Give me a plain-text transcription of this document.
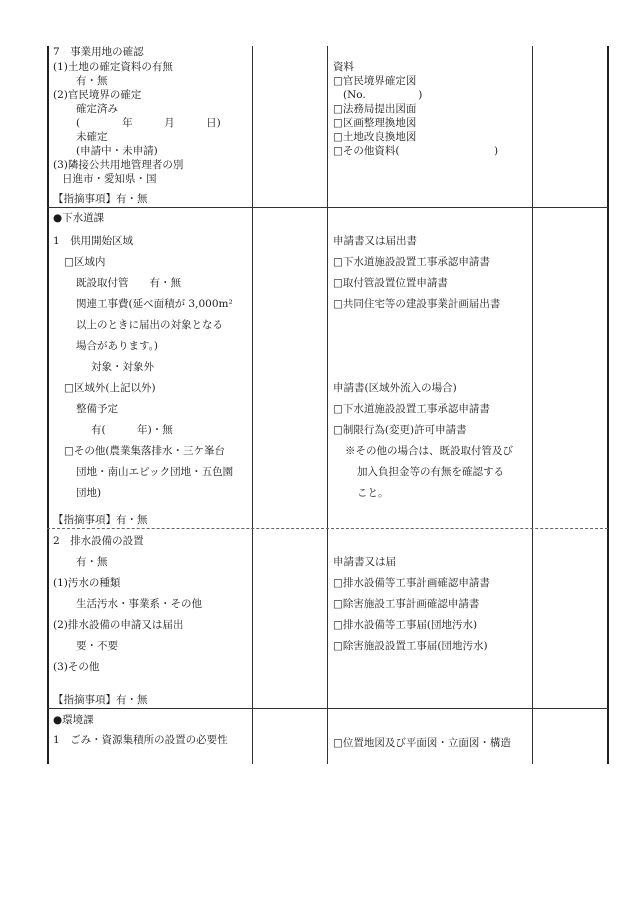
7　事業用地の確認
(1)土地の確定資料の有無
有・無
(2)官民境界の確定
確定済み
(　　　　年　　　月　　　日)
未確定
(申請中・未申請)
(3)隣接公共用地管理者の別
日進市・愛知県・国
【指摘事項】有・無
資料
□官民境界確定図
(No.　　　　　)
□法務局提出図面
□区画整理換地図
□土地改良換地図
□その他資料(　　　　　　　　　)
●下水道課
1　供用開始区域
□区域内
既設取付管　　有・無
関連工事費(延べ面積が 3,000m²
以上のときに届出の対象となる
場合があります。)
対象・対象外
□区域外(上記以外)
整備予定
有(　　　年)・無
□その他(農業集落排水・三ケ峯台
団地・南山エピック団地・五色園
団地)
【指摘事項】有・無
申請書又は届出書
□下水道施設設置工事承認申請書
□取付管設置位置申請書
□共同住宅等の建設事業計画届出書
申請書(区域外流入の場合)
□下水道施設設置工事承認申請書
□制限行為(変更)許可申請書
※その他の場合は、既設取付管及び
加入負担金等の有無を確認する
こと。
2　排水設備の設置
有・無
(1)汚水の種類
生活汚水・事業系・その他
(2)排水設備の申請又は届出
要・不要
(3)その他
【指摘事項】有・無
申請書又は届
□排水設備等工事計画確認申請書
□除害施設工事計画確認申請書
□排水設備等工事届(団地汚水)
□除害施設設置工事届(団地汚水)
●環境課
1　ごみ・資源集積所の設置の必要性	□位置地図及び平面図・立面図・構造
